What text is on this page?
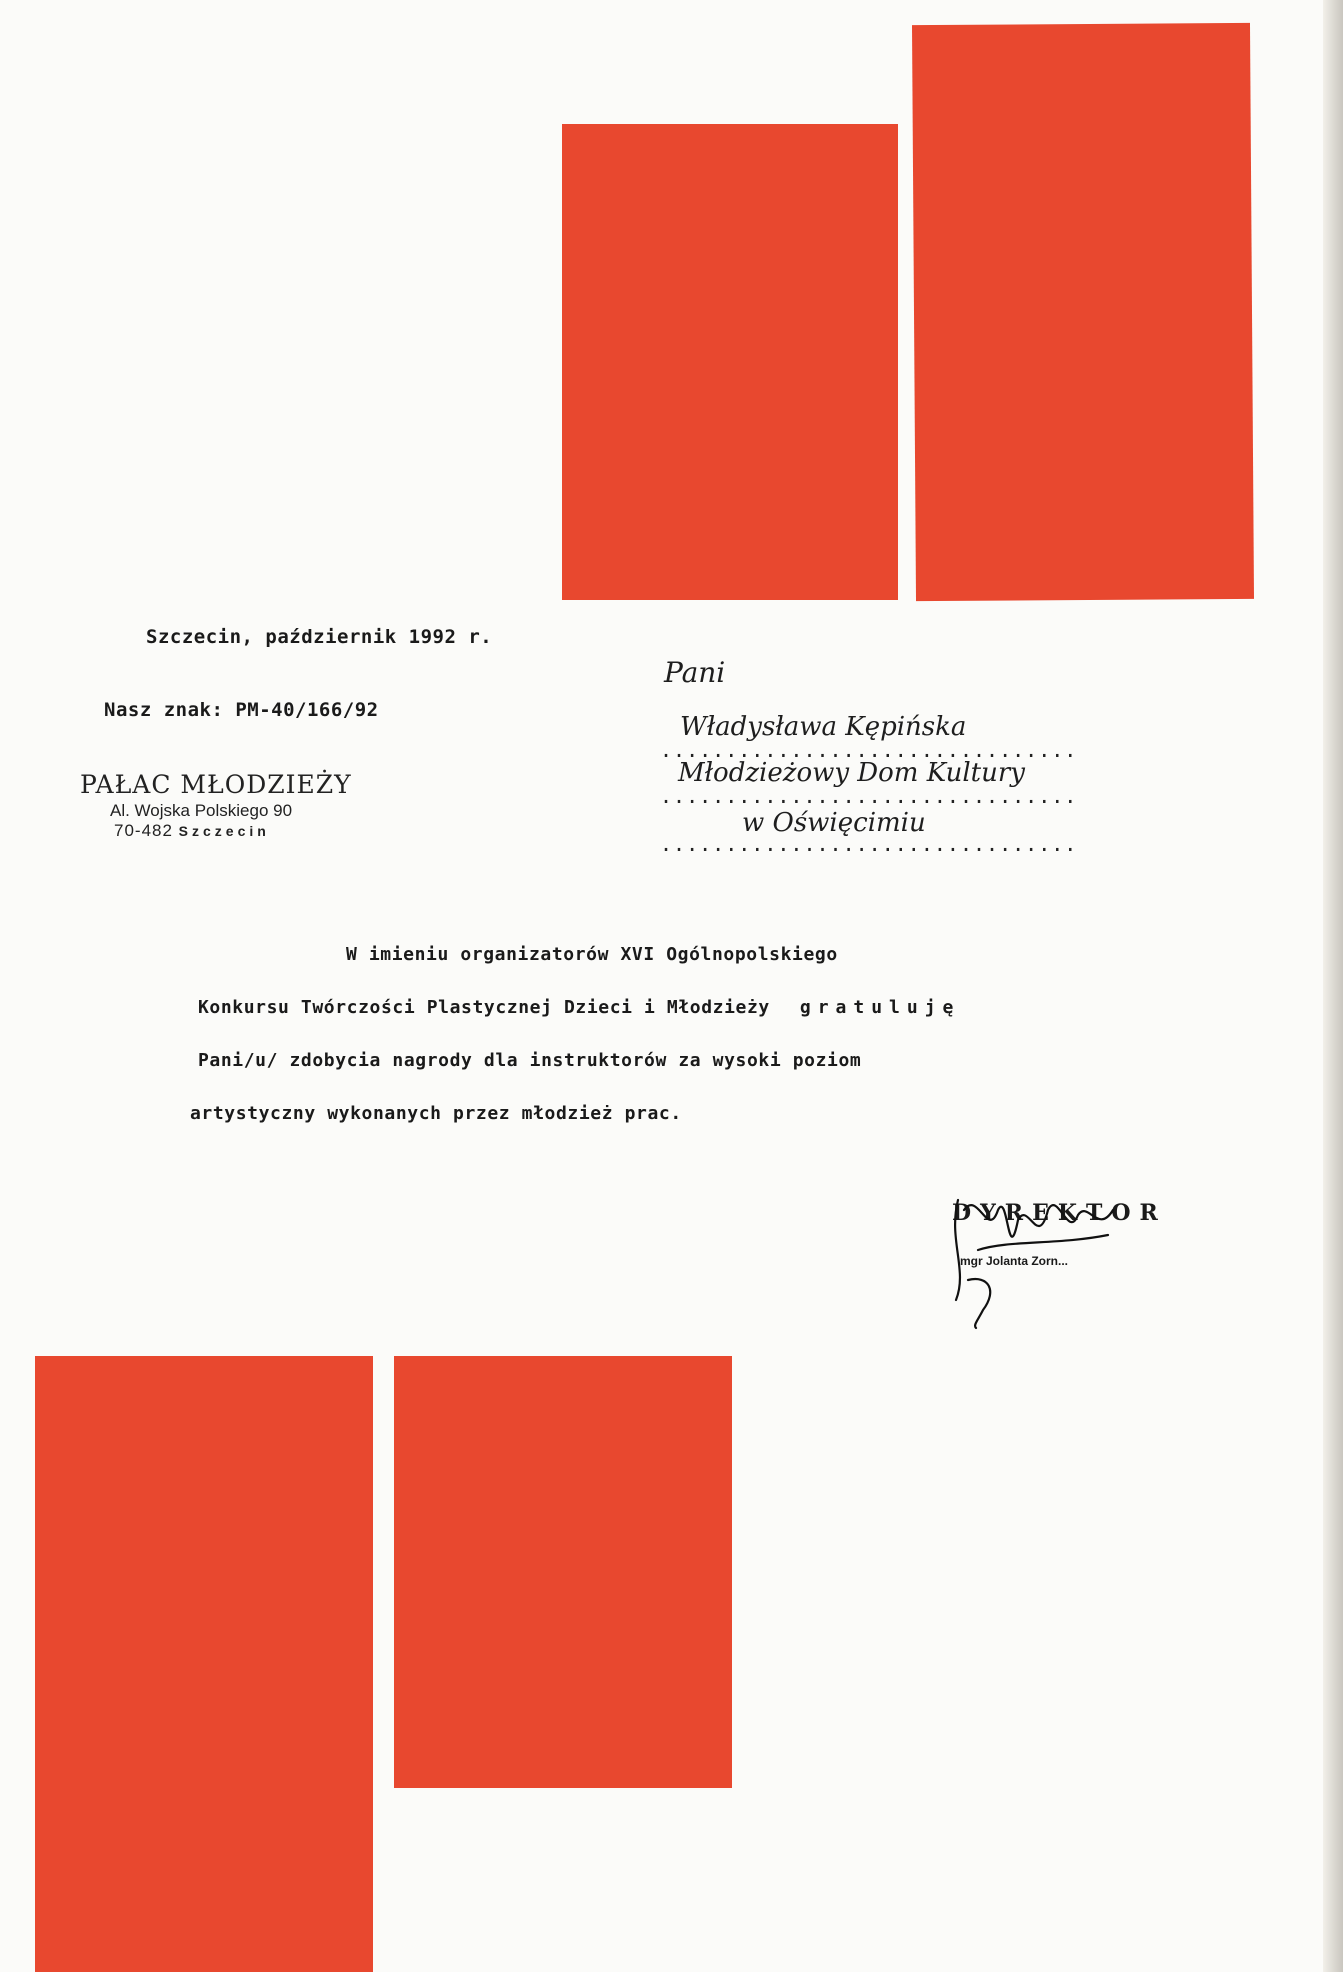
Szczecin, październik 1992 r.
Nasz znak: PM-40/166/92
PAŁAC MŁODZIEŻY
Al. Wojska Polskiego 90
70-482 Szczecin
Pani
................................
................................
................................
Władysława Kępińska
Młodzieżowy Dom Kultury
w Oświęcimiu
W imieniu organizatorów XVI Ogólnopolskiego
Konkursu Twórczości Plastycznej Dzieci i Młodzieży gratuluję
Pani/u/ zdobycia nagrody dla instruktorów za wysoki poziom
artystyczny wykonanych przez młodzież prac.
DYREKTOR
mgr Jolanta Zorn...
